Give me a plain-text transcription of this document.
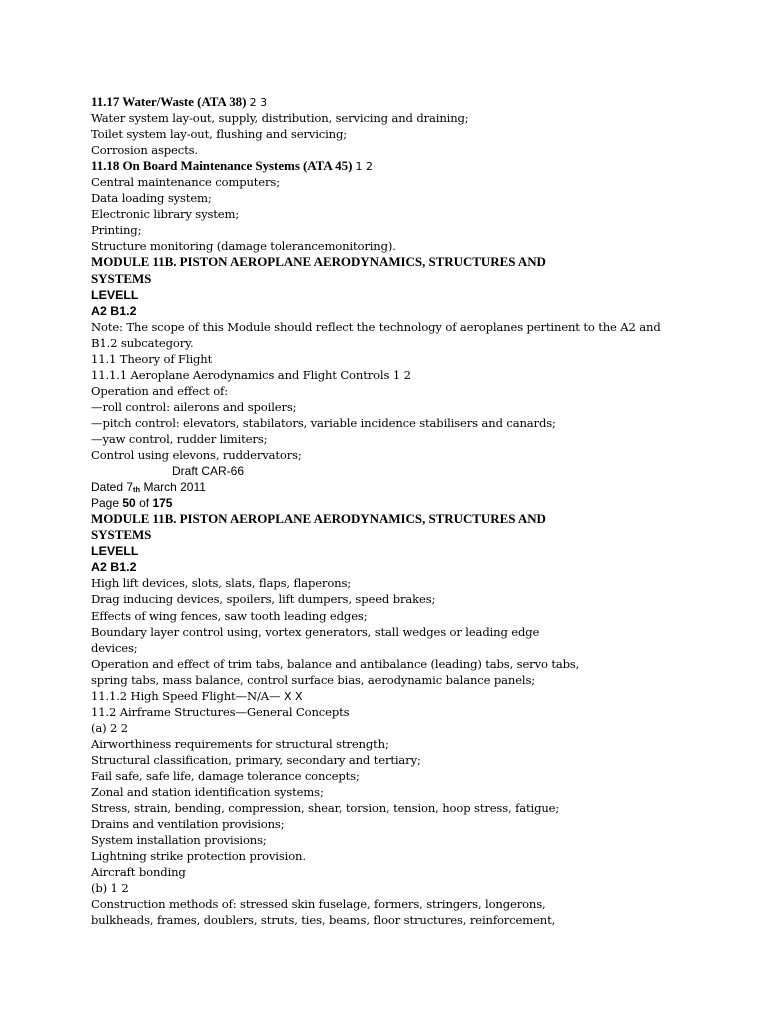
11.17 Water/Waste (ATA 38) 2 3
Water system lay-out, supply, distribution, servicing and draining;
Toilet system lay-out, flushing and servicing;
Corrosion aspects.
11.18 On Board Maintenance Systems (ATA 45) 1 2
Central maintenance computers;
Data loading system;
Electronic library system;
Printing;
Structure monitoring (damage tolerancemonitoring).
MODULE 11B. PISTON AEROPLANE AERODYNAMICS, STRUCTURES AND
SYSTEMS
LEVELL
A2 B1.2
Note: The scope of this Module should reflect the technology of aeroplanes pertinent to the A2 and
B1.2 subcategory.
11.1 Theory of Flight
11.1.1 Aeroplane Aerodynamics and Flight Controls 1 2
Operation and effect of:
—roll control: ailerons and spoilers;
—pitch control: elevators, stabilators, variable incidence stabilisers and canards;
—yaw control, rudder limiters;
Control using elevons, ruddervators;
Draft CAR-66
Dated $7_{th}$ March 2011
Page 50 of 175
MODULE 11B. PISTON AEROPLANE AERODYNAMICS, STRUCTURES AND
SYSTEMS
LEVELL
A2 B1.2
High lift devices, slots, slats, flaps, flaperons;
Drag inducing devices, spoilers, lift dumpers, speed brakes;
Effects of wing fences, saw tooth leading edges;
Boundary layer control using, vortex generators, stall wedges or leading edge
devices;
Operation and effect of trim tabs, balance and antibalance (leading) tabs, servo tabs,
spring tabs, mass balance, control surface bias, aerodynamic balance panels;
11.1.2 High Speed Flight—N/A— X X
11.2 Airframe Structures—General Concepts
(a) 2 2
Airworthiness requirements for structural strength;
Structural classification, primary, secondary and tertiary;
Fail safe, safe life, damage tolerance concepts;
Zonal and station identification systems;
Stress, strain, bending, compression, shear, torsion, tension, hoop stress, fatigue;
Drains and ventilation provisions;
System installation provisions;
Lightning strike protection provision.
Aircraft bonding
(b) 1 2
Construction methods of: stressed skin fuselage, formers, stringers, longerons,
bulkheads, frames, doublers, struts, ties, beams, floor structures, reinforcement,
